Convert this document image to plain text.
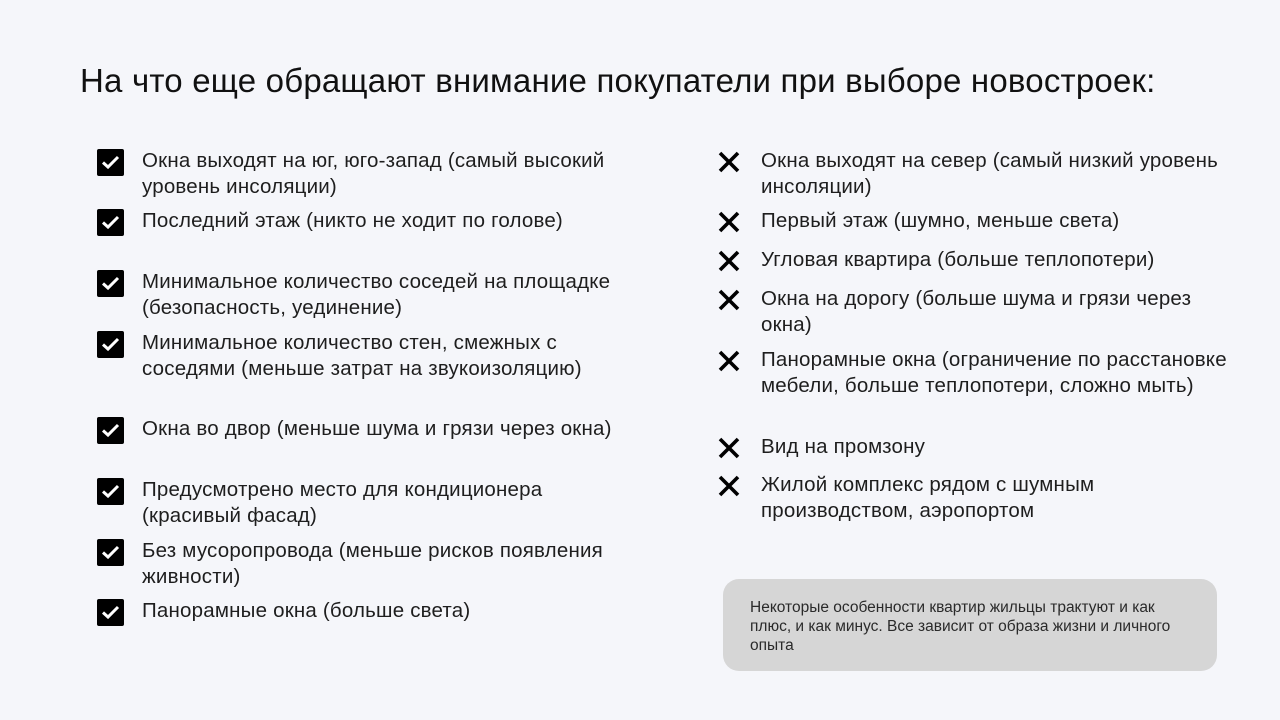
На что еще обращают внимание покупатели при выборе новостроек:
Окна выходят на юг, юго-запад (самый высокий уровень инсоляции)
Последний этаж (никто не ходит по голове)
Минимальное количество соседей на площадке (безопасность, уединение)
Минимальное количество стен, смежных с соседями (меньше затрат на звукоизоляцию)
Окна во двор (меньше шума и грязи через окна)
Предусмотрено место для кондиционера (красивый фасад)
Без мусоропровода (меньше рисков появления живности)
Панорамные окна (больше света)
Окна выходят на север (самый низкий уровень инсоляции)
Первый этаж (шумно, меньше света)
Угловая квартира (больше теплопотери)
Окна на дорогу (больше шума и грязи через окна)
Панорамные окна (ограничение по расстановке мебели, больше теплопотери, сложно мыть)
Вид на промзону
Жилой комплекс рядом с шумным производством, аэропортом
Некоторые особенности квартир жильцы трактуют и как плюс, и как минус. Все зависит от образа жизни и личного опыта
